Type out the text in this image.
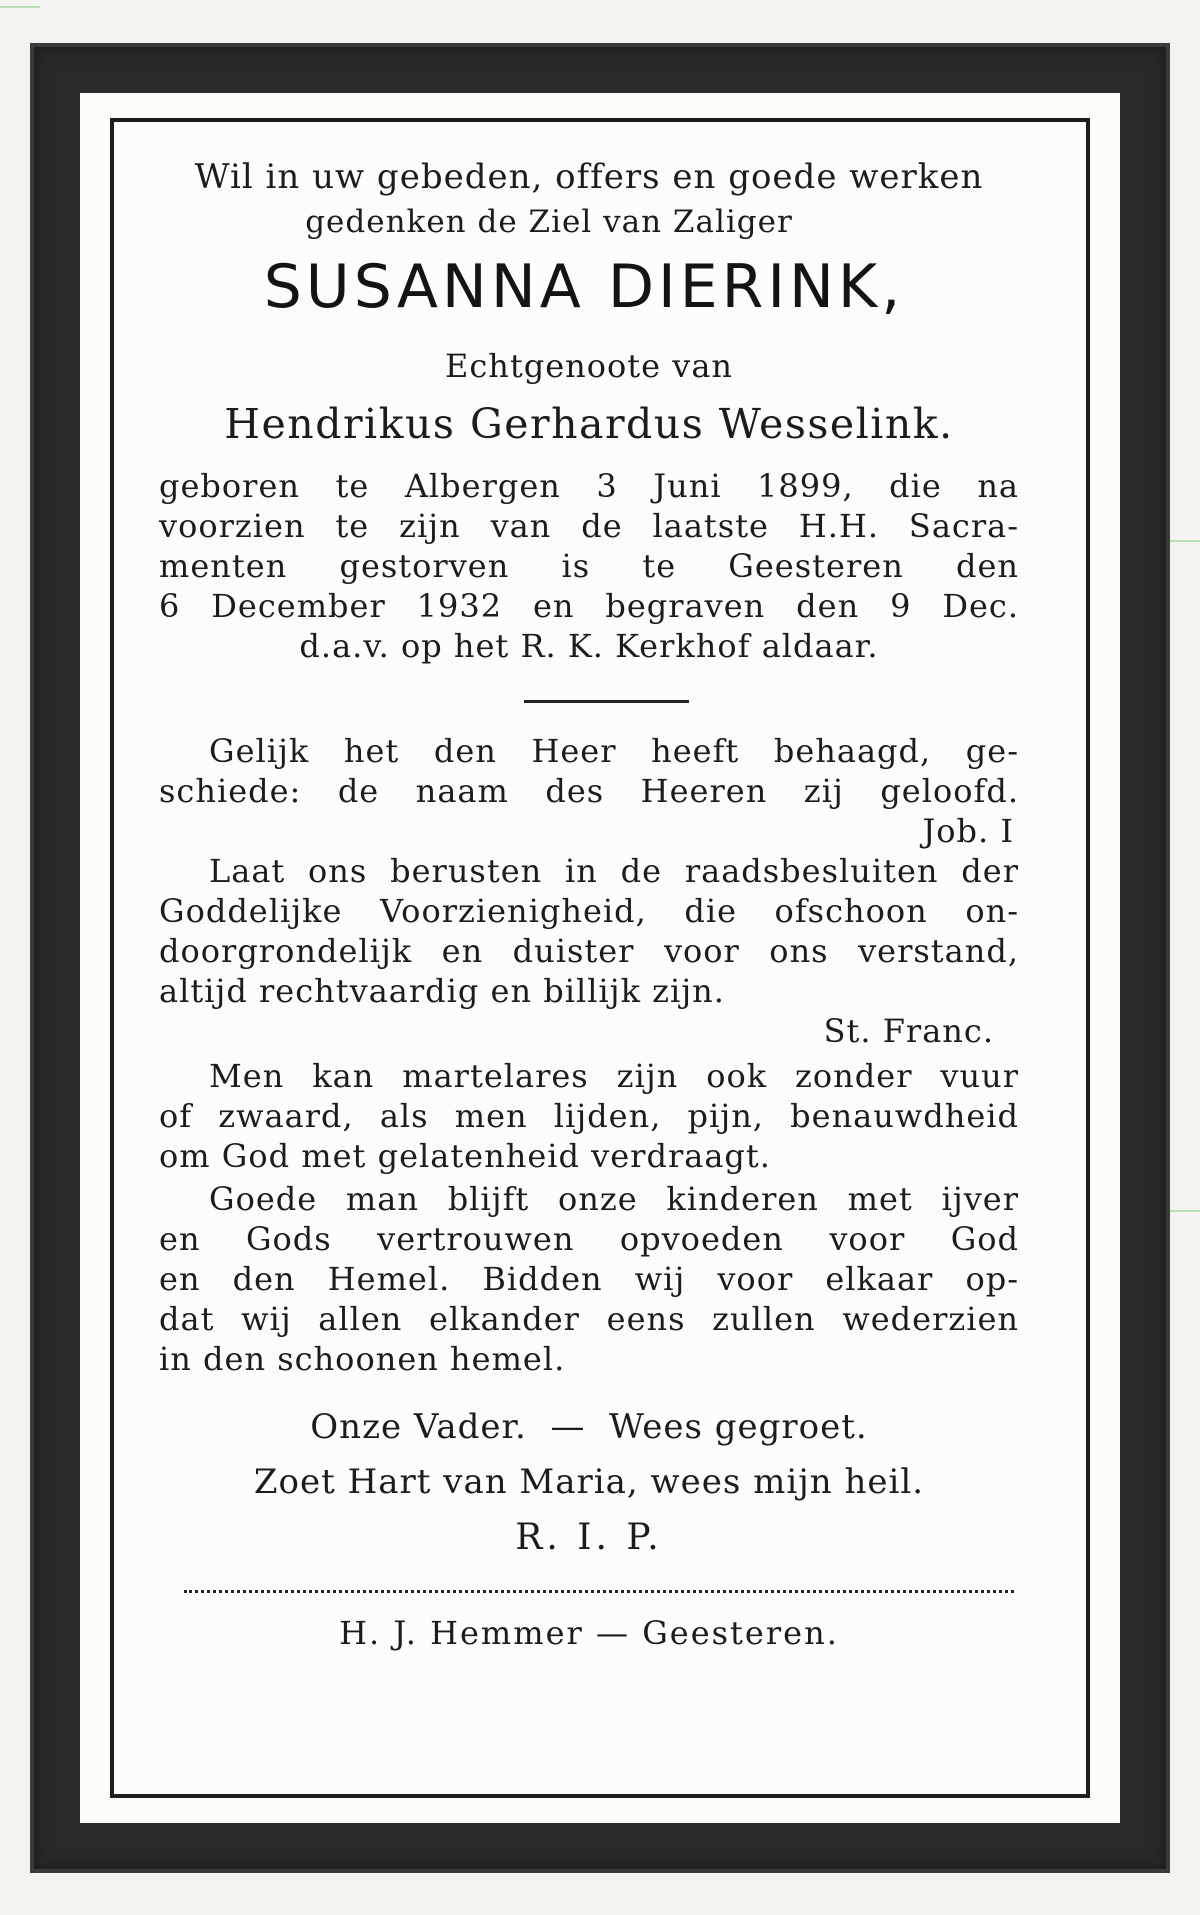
Wil in uw gebeden, offers en goede werken
gedenken de Ziel van Zaliger
SUSANNA DIERINK,
Echtgenoote van
Hendrikus Gerhardus Wesselink.
geboren te Albergen 3 Juni 1899, die na
voorzien te zijn van de laatste H.H. Sacra-
menten gestorven is te Geesteren den
6 December 1932 en begraven den 9 Dec.
d.a.v. op het R. K. Kerkhof aldaar.
Gelijk het den Heer heeft behaagd, ge-
schiede: de naam des Heeren zij geloofd.
Job. I
Laat ons berusten in de raadsbesluiten der
Goddelijke Voorzienigheid, die ofschoon on-
doorgrondelijk en duister voor ons verstand,
altijd rechtvaardig en billijk zijn.
St. Franc.
Men kan martelares zijn ook zonder vuur
of zwaard, als men lijden, pijn, benauwdheid
om God met gelatenheid verdraagt.
Goede man blijft onze kinderen met ijver
en Gods vertrouwen opvoeden voor God
en den Hemel. Bidden wij voor elkaar op-
dat wij allen elkander eens zullen wederzien
in den schoonen hemel.
Onze Vader.  —  Wees gegroet.
Zoet Hart van Maria, wees mijn heil.
R. I. P.
H. J. Hemmer — Geesteren.
